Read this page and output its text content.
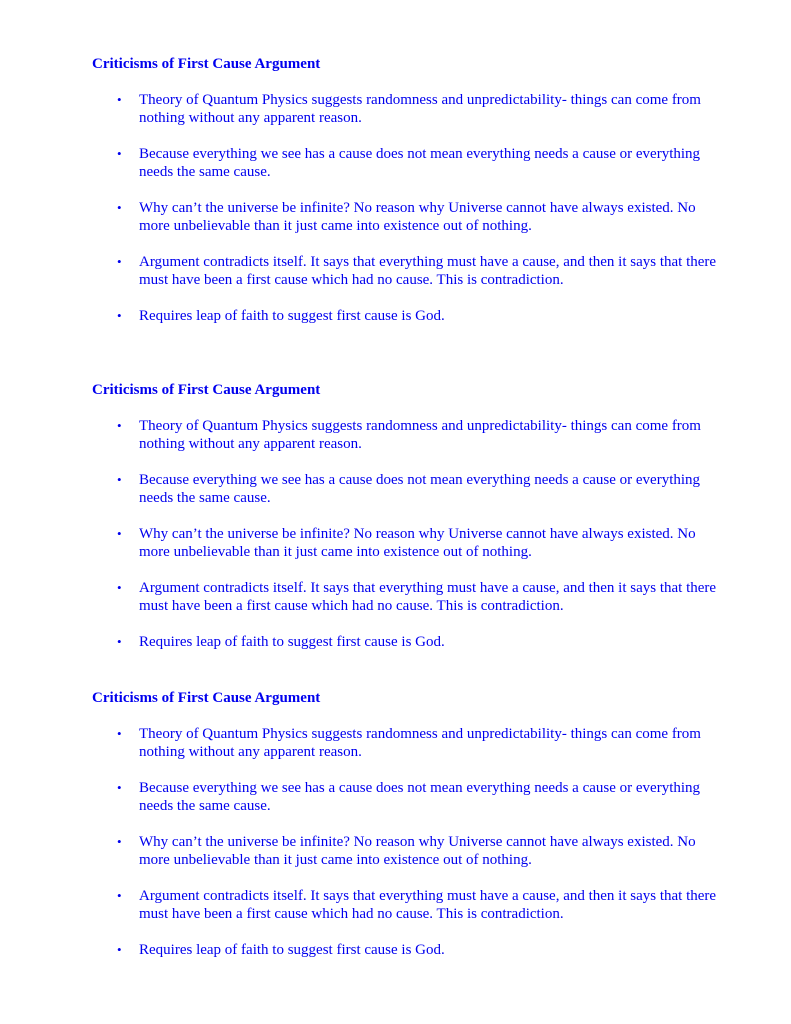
Criticisms of First Cause Argument

• Theory of Quantum Physics suggests randomness and unpredictability- things can come from nothing without any apparent reason.
• Because everything we see has a cause does not mean everything needs a cause or everything needs the same cause.
• Why can’t the universe be infinite? No reason why Universe cannot have always existed. No more unbelievable than it just came into existence out of nothing.
• Argument contradicts itself. It says that everything must have a cause, and then it says that there must have been a first cause which had no cause. This is contradiction.
• Requires leap of faith to suggest first cause is God.

Criticisms of First Cause Argument

• Theory of Quantum Physics suggests randomness and unpredictability- things can come from nothing without any apparent reason.
• Because everything we see has a cause does not mean everything needs a cause or everything needs the same cause.
• Why can’t the universe be infinite? No reason why Universe cannot have always existed. No more unbelievable than it just came into existence out of nothing.
• Argument contradicts itself. It says that everything must have a cause, and then it says that there must have been a first cause which had no cause. This is contradiction.
• Requires leap of faith to suggest first cause is God.

Criticisms of First Cause Argument

• Theory of Quantum Physics suggests randomness and unpredictability- things can come from nothing without any apparent reason.
• Because everything we see has a cause does not mean everything needs a cause or everything needs the same cause.
• Why can’t the universe be infinite? No reason why Universe cannot have always existed. No more unbelievable than it just came into existence out of nothing.
• Argument contradicts itself. It says that everything must have a cause, and then it says that there must have been a first cause which had no cause. This is contradiction.
• Requires leap of faith to suggest first cause is God.
